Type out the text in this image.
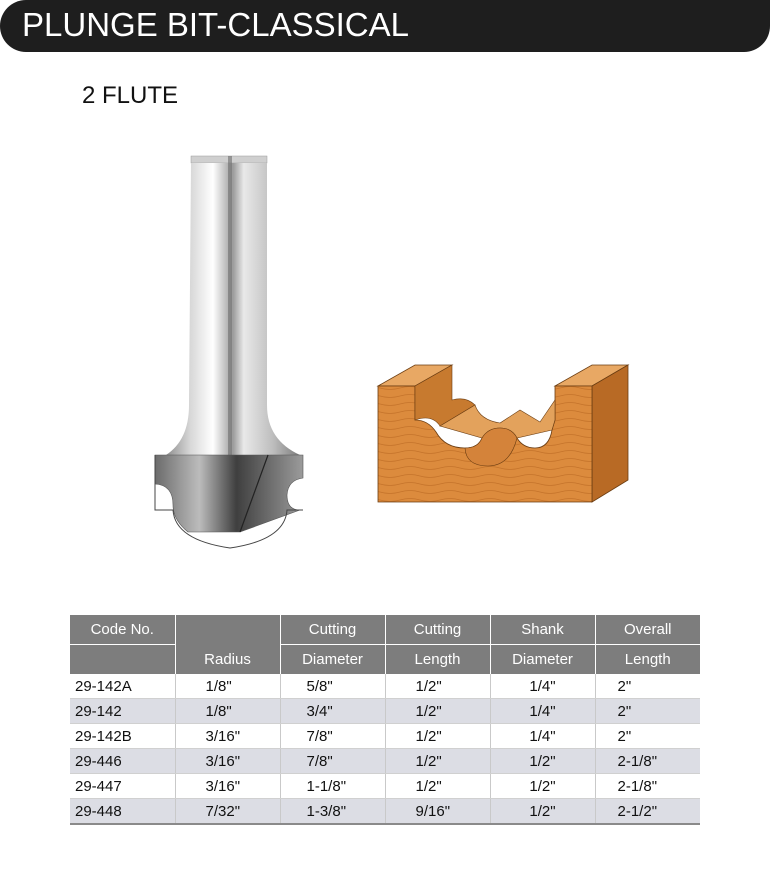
PLUNGE BIT-CLASSICAL
2 FLUTE
Code No.		Cutting	Cutting	Shank	Overall
	Radius	Diameter	Length	Diameter	Length
29-142A	1/8"	5/8"	1/2"	1/4"	2"
29-142	1/8"	3/4"	1/2"	1/4"	2"
29-142B	3/16"	7/8"	1/2"	1/4"	2"
29-446	3/16"	7/8"	1/2"	1/2"	2-1/8"
29-447	3/16"	1-1/8"	1/2"	1/2"	2-1/8"
29-448	7/32"	1-3/8"	9/16"	1/2"	2-1/2"
